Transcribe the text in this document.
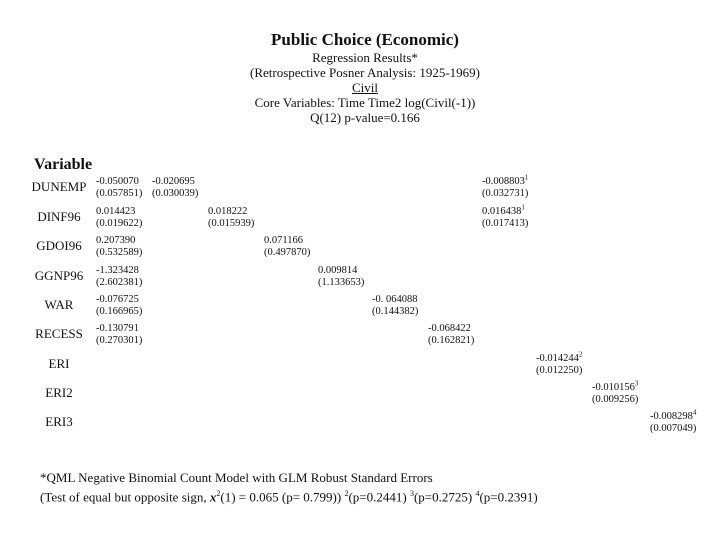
Public Choice (Economic)
Regression Results*
(Retrospective Posner Analysis: 1925-1969)
Civil
Core Variables: Time Time2 log(Civil(-1))
Q(12) p-value=0.166
Variable
DUNEMP
DINF96
GDOI96
GGNP96
WAR
RECESS
ERI
ERI2
ERI3
-0.050070
(0.057851)
-0.020695
(0.030039)
-0.008803$^1$
(0.032731)
0.014423
(0.019622)
0.018222
(0.015939)
0.016438$^1$
(0.017413)
0.207390
(0.532589)
0.071166
(0.497870)
-1.323428
(2.602381)
0.009814
(1.133653)
-0.076725
(0.166965)
-0. 064088
(0.144382)
-0.130791
(0.270301)
-0.068422
(0.162821)
-0.014244$^2$
(0.012250)
-0.010156$^3$
(0.009256)
-0.008298$^4$
(0.007049)
*QML Negative Binomial Count Model with GLM Robust Standard Errors
(Test of equal but opposite sign, $x^2(1) = 0.065$ (p= 0.799)) $^2$(p=0.2441) $^3$(p=0.2725) $^4$(p=0.2391)
